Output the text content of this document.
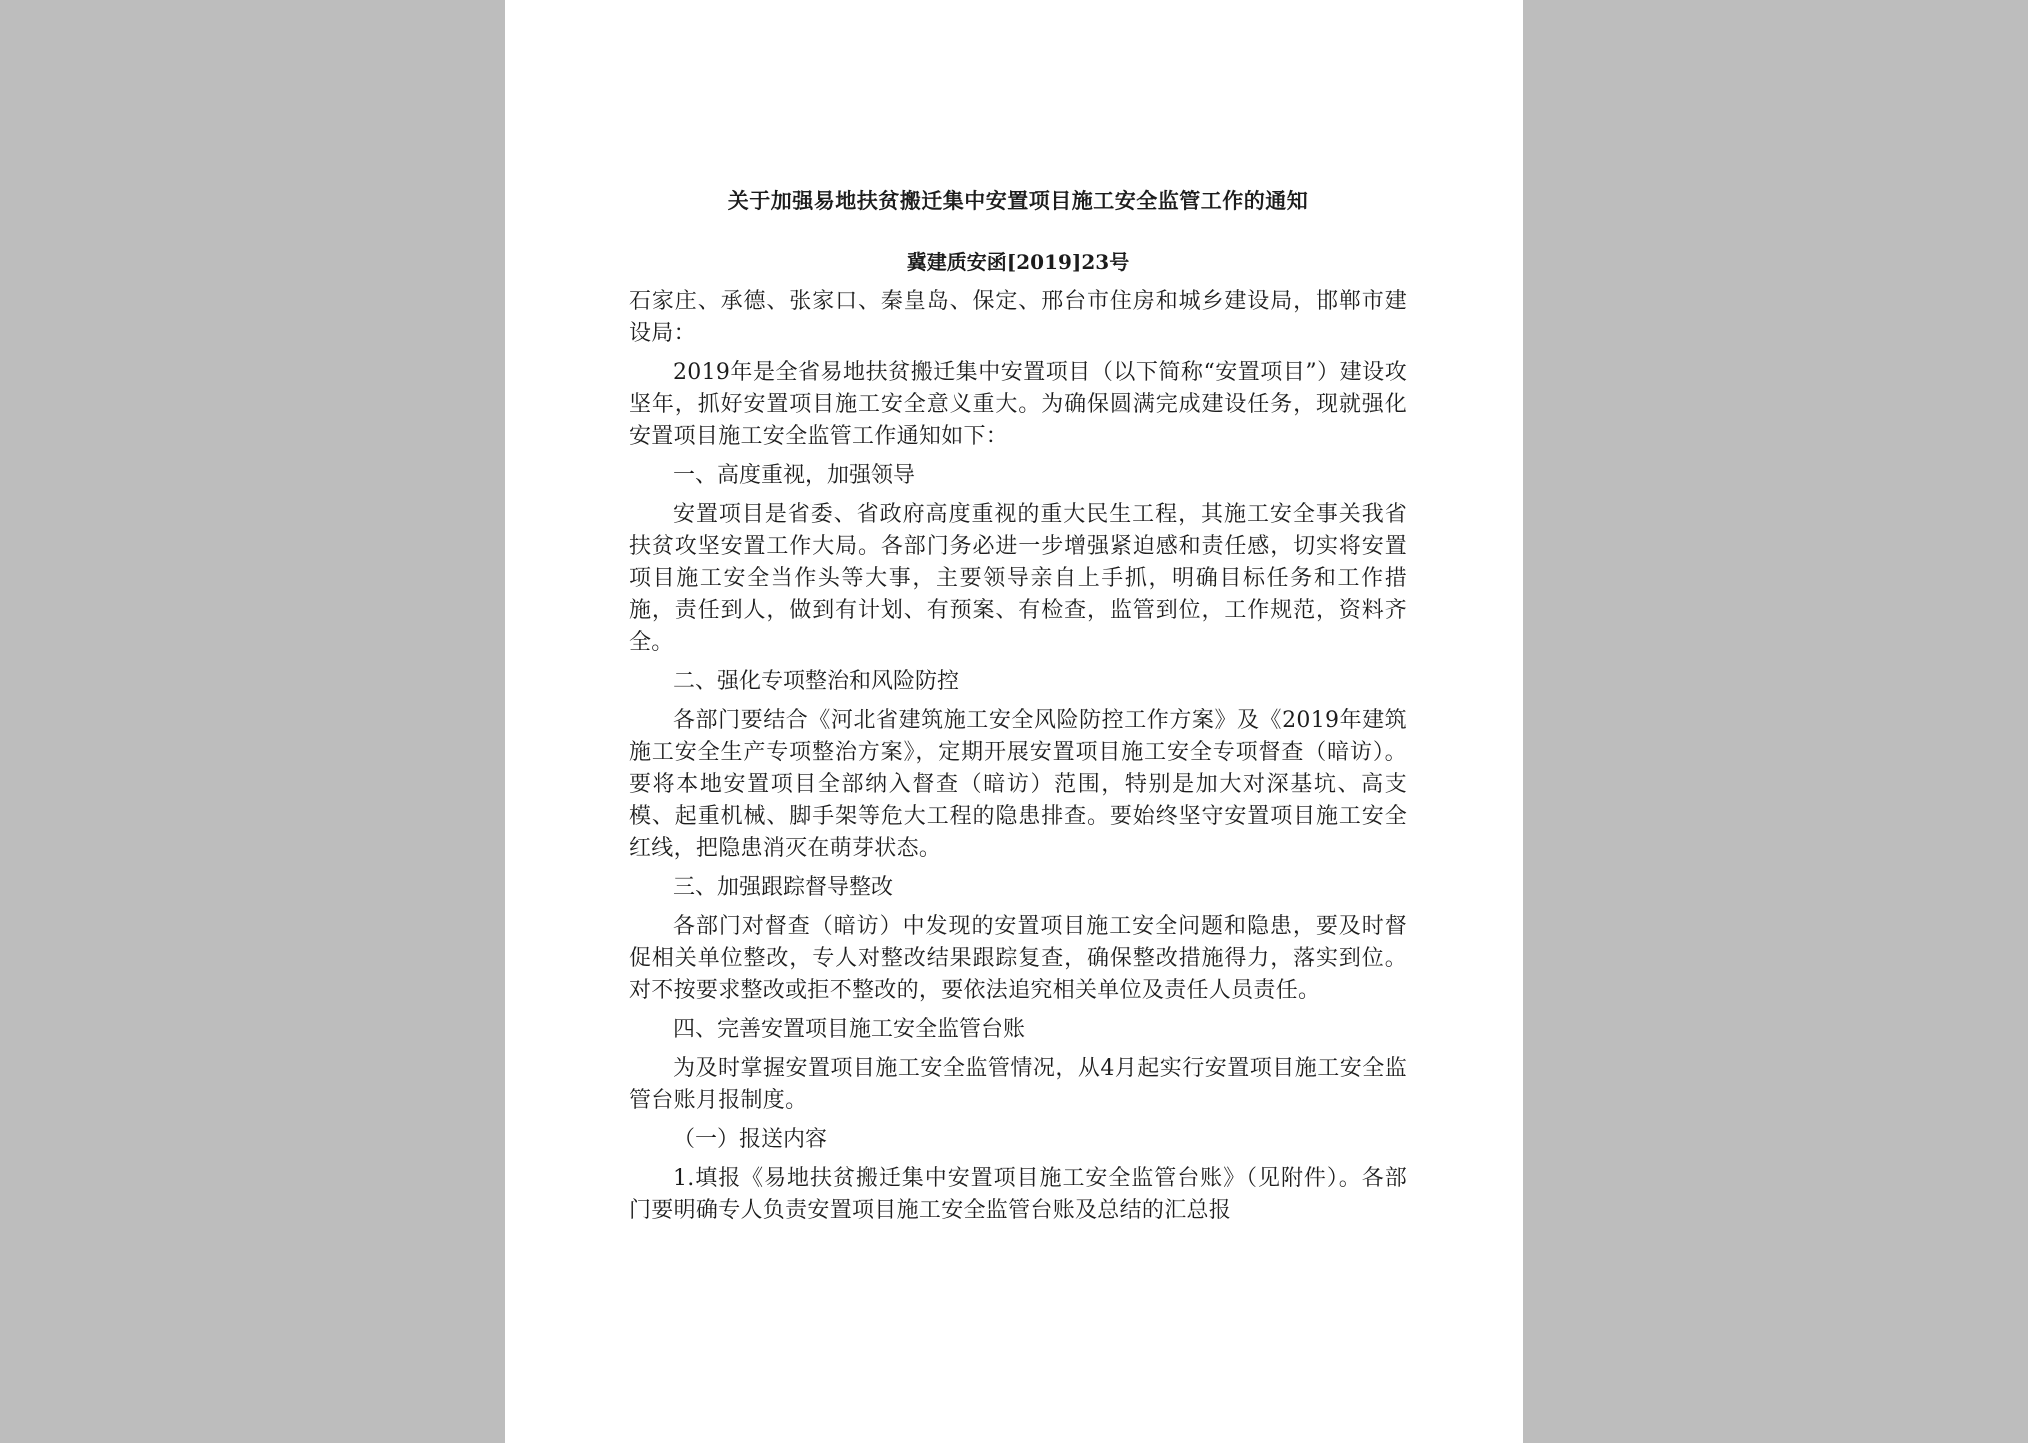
关于加强易地扶贫搬迁集中安置项目施工安全监管工作的通知
冀建质安函[2019]23号

石家庄、承德、张家口、秦皇岛、保定、邢台市住房和城乡建设局，邯郸市建设局：

2019年是全省易地扶贫搬迁集中安置项目（以下简称“安置项目”）建设攻坚年，抓好安置项目施工安全意义重大。为确保圆满完成建设任务，现就强化安置项目施工安全监管工作通知如下：

一、高度重视，加强领导

安置项目是省委、省政府高度重视的重大民生工程，其施工安全事关我省扶贫攻坚安置工作大局。各部门务必进一步增强紧迫感和责任感，切实将安置项目施工安全当作头等大事，主要领导亲自上手抓，明确目标任务和工作措施，责任到人，做到有计划、有预案、有检查，监管到位，工作规范，资料齐全。

二、强化专项整治和风险防控

各部门要结合《河北省建筑施工安全风险防控工作方案》及《2019年建筑施工安全生产专项整治方案》，定期开展安置项目施工安全专项督查（暗访）。要将本地安置项目全部纳入督查（暗访）范围，特别是加大对深基坑、高支模、起重机械、脚手架等危大工程的隐患排查。要始终坚守安置项目施工安全红线，把隐患消灭在萌芽状态。

三、加强跟踪督导整改

各部门对督查（暗访）中发现的安置项目施工安全问题和隐患，要及时督促相关单位整改，专人对整改结果跟踪复查，确保整改措施得力，落实到位。对不按要求整改或拒不整改的，要依法追究相关单位及责任人员责任。

四、完善安置项目施工安全监管台账

为及时掌握安置项目施工安全监管情况，从4月起实行安置项目施工安全监管台账月报制度。

（一）报送内容

1.填报《易地扶贫搬迁集中安置项目施工安全监管台账》（见附件）。各部门要明确专人负责安置项目施工安全监管台账及总结的汇总报
